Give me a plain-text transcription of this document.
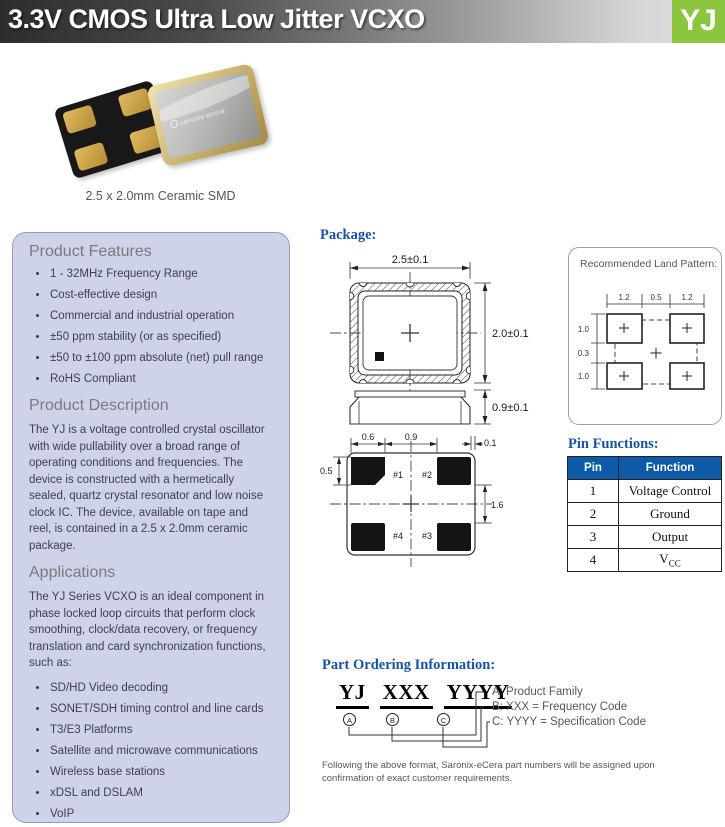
3.3V CMOS Ultra Low Jitter VCXO	YJ
saronix-ecera
2.5 x 2.0mm Ceramic SMD
Product Features
• 1 - 32MHz Frequency Range
• Cost-effective design
• Commercial and industrial operation
• ±50 ppm stability (or as specified)
• ±50 to ±100 ppm absolute (net) pull range
• RoHS Compliant
Product Description

The YJ is a voltage controlled crystal oscillator with wide pullability over a broad range of operating conditions and frequencies. The device is constructed with a hermetically sealed, quartz crystal resonator and low noise clock IC. The device, available on tape and reel, is contained in a 2.5 x 2.0mm ceramic package.

Applications

The YJ Series VCXO is an ideal component in phase locked loop circuits that perform clock smoothing, clock/data recovery, or frequency translation and card synchronization functions, such as:

• SD/HD Video decoding
• SONET/SDH timing control and line cards
• T3/E3 Platforms
• Satellite and microwave communications
• Wireless base stations
• xDSL and DSLAM
• VoIP
Package:
2.5±0.1
2.0±0.1
0.9±0.1
#1 #2
#3
#4
0.6	0.9
0.1
0.5
1.6
Recommended Land Pattern:
1.2	0.5 1.2
1.0
0.3
1.0
Pin Functions:
Pin	Function
1	Voltage Control
2	Ground
3	Output
4	$V_{CC}$
Part Ordering Information:
YJ XXX YYYY
A	B	C
A: Product Family
B: XXX = Frequency Code
C: YYYY = Specification Code
Following the above format, Saronix-eCera part numbers will be assigned upon confirmation of exact customer requirements.
